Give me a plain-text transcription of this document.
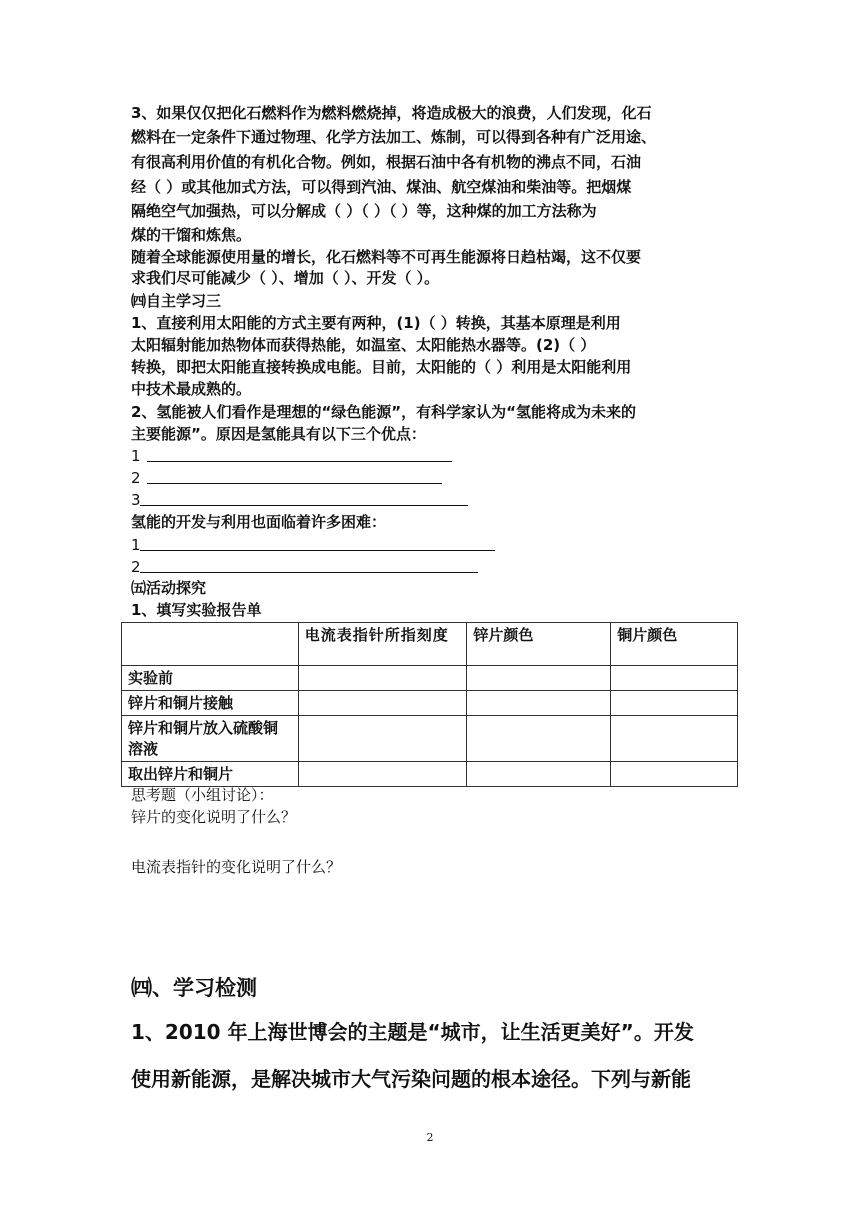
3、如果仅仅把化石燃料作为燃料燃烧掉，将造成极大的浪费，人们发现，化石

燃料在一定条件下通过物理、化学方法加工、炼制，可以得到各种有广泛用途、

有很高利用价值的有机化合物。例如，根据石油中各有机物的沸点不同，石油

经（ ）或其他加式方法，可以得到汽油、煤油、航空煤油和柴油等。把烟煤

隔绝空气加强热，可以分解成（ ）（ ）（ ）等，这种煤的加工方法称为

煤的干馏和炼焦。

随着全球能源使用量的增长，化石燃料等不可再生能源将日趋枯竭，这不仅要

求我们尽可能减少（ ）、增加（ ）、开发（ ）。

㈣自主学习三

1、直接利用太阳能的方式主要有两种，(1)（ ）转换，其基本原理是利用

太阳辐射能加热物体而获得热能，如温室、太阳能热水器等。(2)（ ）

转换，即把太阳能直接转换成电能。目前，太阳能的（ ）利用是太阳能利用

中技术最成熟的。

2、氢能被人们看作是理想的“绿色能源”，有科学家认为“氢能将成为未来的

主要能源”。原因是氢能具有以下三个优点：

1

2

3

氢能的开发与利用也面临着许多困难：

1

2

㈤活动探究

1、填写实验报告单

	电流表指针所指刻度	锌片颜色	铜片颜色
实验前			
锌片和铜片接触			
锌片和铜片放入硫酸铜溶液			
取出锌片和铜片			

思考题（小组讨论）：

锌片的变化说明了什么？

电流表指针的变化说明了什么？

㈣、学习检测

1、2010 年上海世博会的主题是“城市，让生活更美好”。开发

使用新能源，是解决城市大气污染问题的根本途径。下列与新能

2
